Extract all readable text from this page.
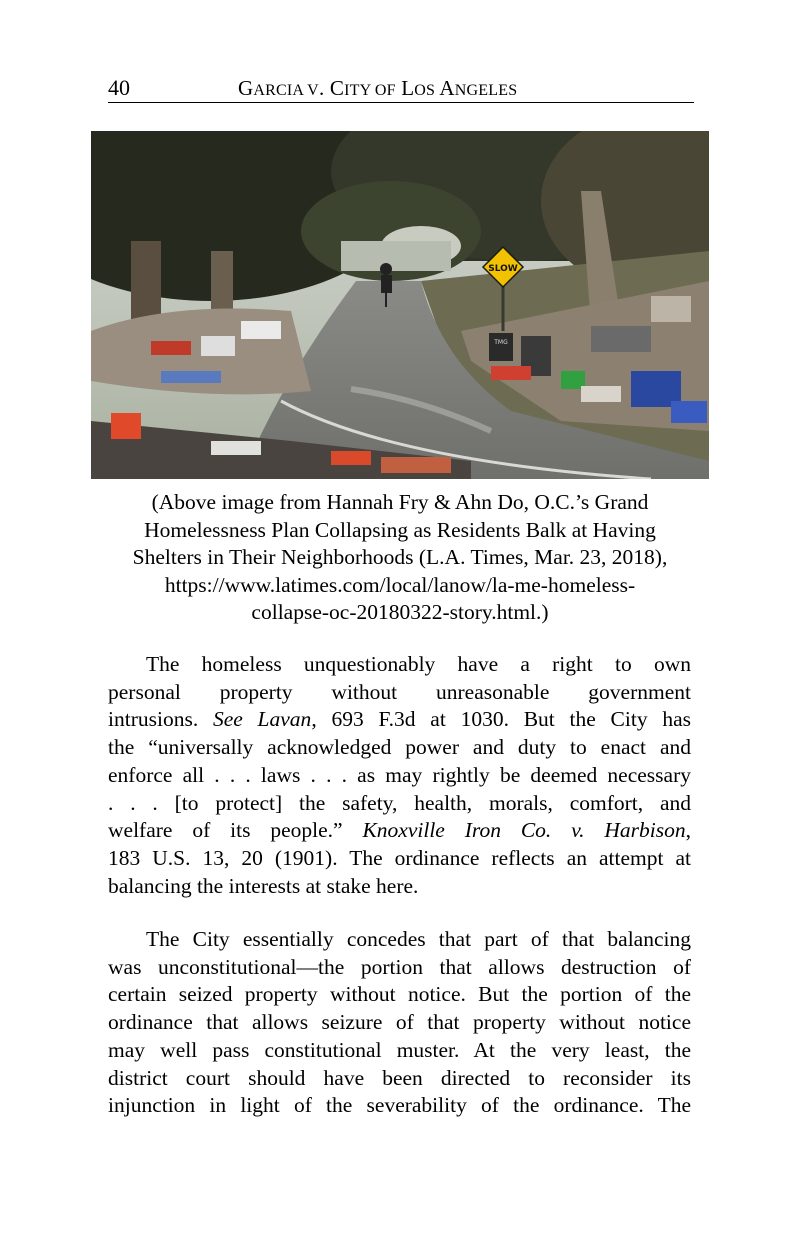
40	GARCIA V. CITY OF LOS ANGELES
SLOW
TMG
(Above image from Hannah Fry & Ahn Do, O.C.’s Grand
Homelessness Plan Collapsing as Residents Balk at Having
Shelters in Their Neighborhoods (L.A. Times, Mar. 23, 2018),
https://www.latimes.com/local/lanow/la-me-homeless-
collapse-oc-20180322-story.html.)
The homeless unquestionably have a right to own
personal property without unreasonable government
intrusions. See Lavan, 693 F.3d at 1030. But the City has
the “universally acknowledged power and duty to enact and
enforce all . . . laws . . . as may rightly be deemed necessary
. . . [to protect] the safety, health, morals, comfort, and
welfare of its people.” Knoxville Iron Co. v. Harbison,
183 U.S. 13, 20 (1901). The ordinance reflects an attempt at
balancing the interests at stake here.
The City essentially concedes that part of that balancing
was unconstitutional—the portion that allows destruction of
certain seized property without notice. But the portion of the
ordinance that allows seizure of that property without notice
may well pass constitutional muster. At the very least, the
district court should have been directed to reconsider its
injunction in light of the severability of the ordinance. The
